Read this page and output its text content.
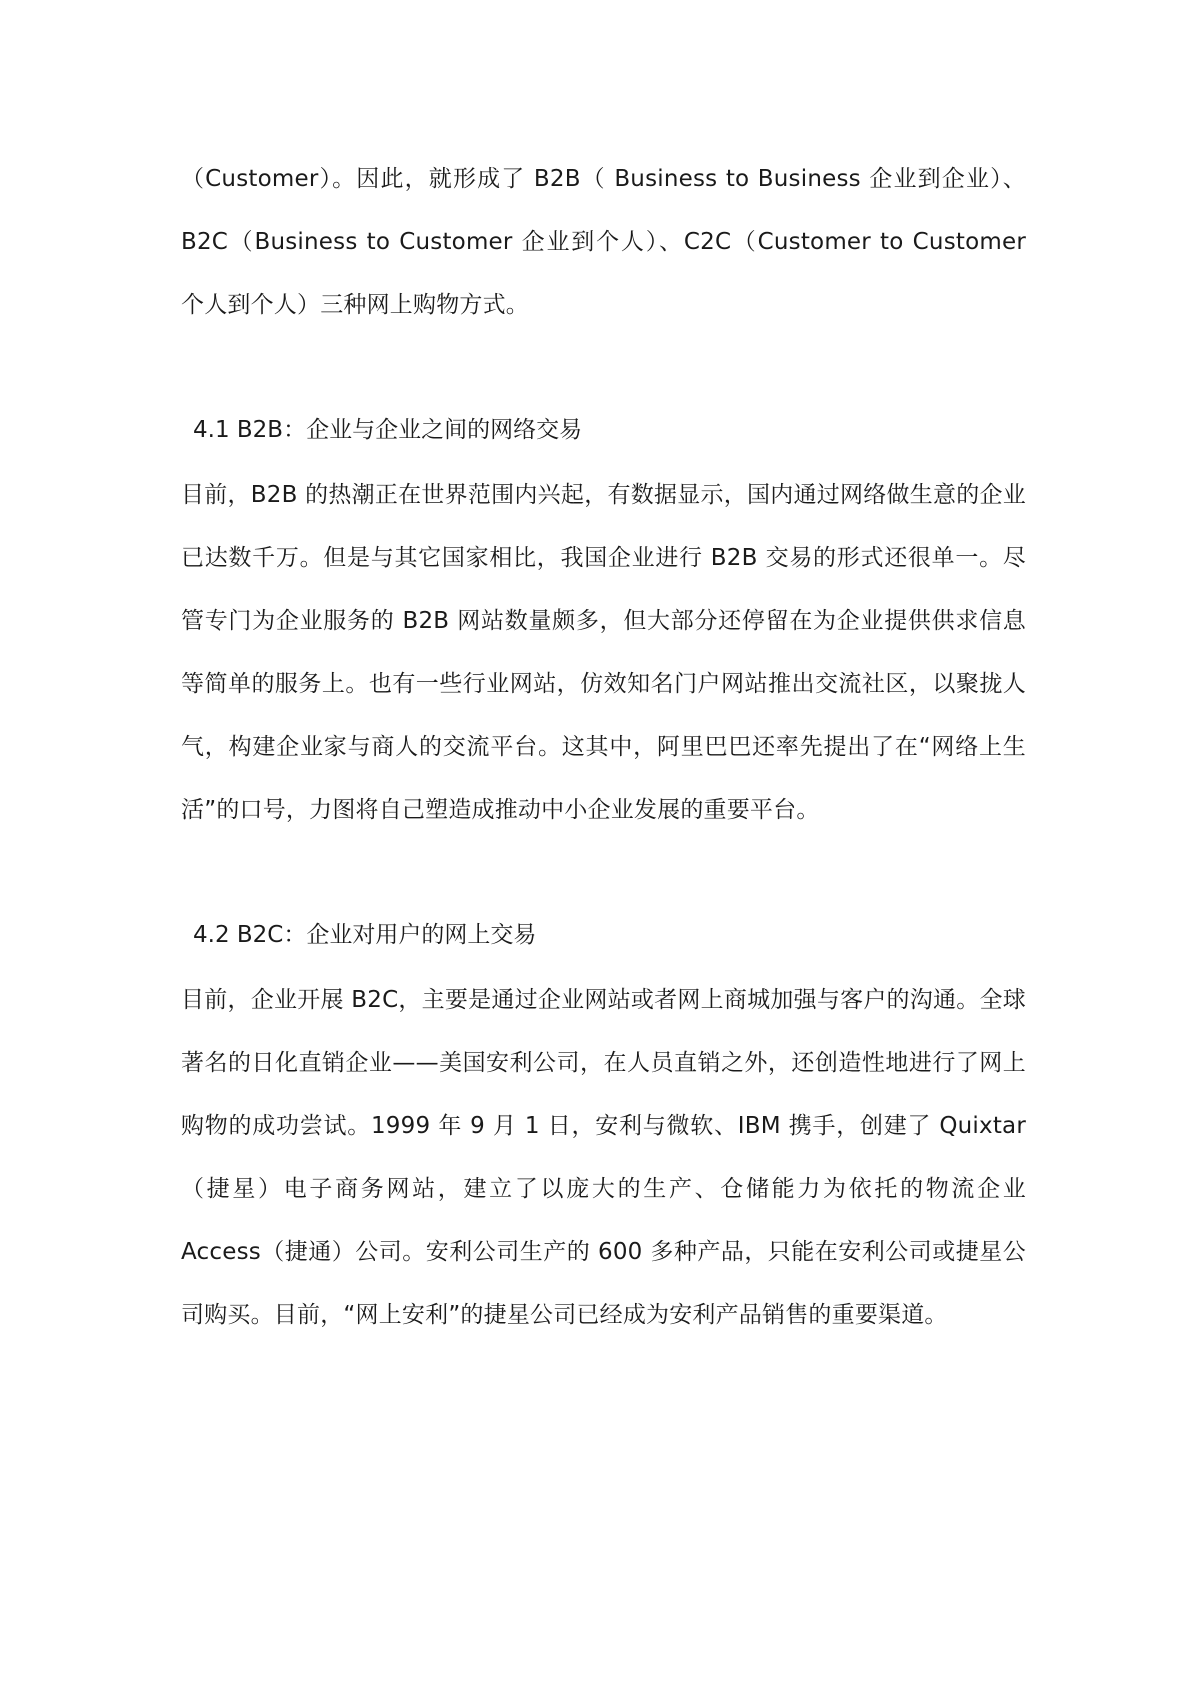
（Customer）。因此，就形成了 B2B（ Business to Business 企业到企业）、B2C（Business to Customer 企业到个人）、C2C（Customer to Customer 个人到个人）三种网上购物方式。

4.1 B2B：企业与企业之间的网络交易

目前，B2B 的热潮正在世界范围内兴起，有数据显示，国内通过网络做生意的企业已达数千万。但是与其它国家相比，我国企业进行 B2B 交易的形式还很单一。尽管专门为企业服务的 B2B 网站数量颇多，但大部分还停留在为企业提供供求信息等简单的服务上。也有一些行业网站，仿效知名门户网站推出交流社区，以聚拢人气，构建企业家与商人的交流平台。这其中，阿里巴巴还率先提出了在“网络上生活”的口号，力图将自己塑造成推动中小企业发展的重要平台。

4.2 B2C：企业对用户的网上交易

目前，企业开展 B2C，主要是通过企业网站或者网上商城加强与客户的沟通。全球著名的日化直销企业——美国安利公司，在人员直销之外，还创造性地进行了网上购物的成功尝试。1999 年 9 月 1 日，安利与微软、IBM 携手，创建了 Quixtar（捷星）电子商务网站，建立了以庞大的生产、仓储能力为依托的物流企业 Access（捷通）公司。安利公司生产的 600 多种产品，只能在安利公司或捷星公司购买。目前，“网上安利”的捷星公司已经成为安利产品销售的重要渠道。
